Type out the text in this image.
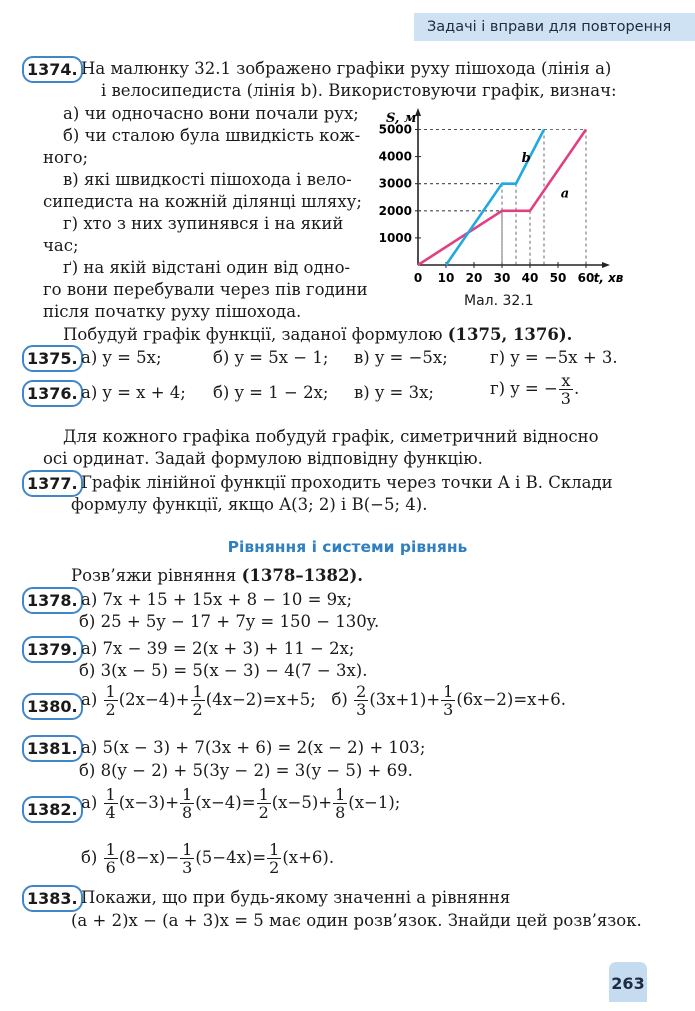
Задачі і вправи для повторення
1374. На малюнку 32.1 зображено графіки руху пішохода (лінія a)
і велосипедиста (лінія b). Використовуючи графік, визнач:
а) чи одночасно вони почали рух;
б) чи сталою була швидкість кож-
ного;
в) які швидкості пішохода і вело-
сипедиста на кожній ділянці шляху;
г) хто з них зупинявся і на який
час;
ґ) на якій відстані один від одно-
го вони перебували через пів години
після початку руху пішохода.
0 10 20 30 40 50 60
1000
2000
3000
4000
5000
S, м
t, хв
b
a
Мал. 32.1
Побудуй графік функції, заданої формулою (1375, 1376).
1375. а) y = 5x;	б) y = 5x − 1; в) y = −5x;	г) y = −5x + 3.
1376. а) y = x + 4; б) y = 1 − 2x; в) y = 3x;	г) y = − $\frac{x}{3}$ .
Для кожного графіка побудуй графік, симетричний відносно
осі ординат. Задай формулою відповідну функцію.
1377. Графік лінійної функції проходить через точки A і B. Склади
формулу функції, якщо A(3; 2) і B(−5; 4).
Рівняння і системи рівнянь
Розв’яжи рівняння (1378–1382).
1378. а) 7x + 15 + 15x + 8 − 10 = 9x;
б) 25 + 5y − 17 + 7y = 150 − 130y.
1379. а) 7x − 39 = 2(x + 3) + 11 − 2x;
б) 3(x − 5) = 5(x − 3) − 4(7 − 3x).
1380. $а) \frac{1}{2} (2x-4)+ \frac{1}{2} (4x-2)=x+5$; $б) \frac{2}{3} (3x+1)+ \frac{1}{3} (6x-2)=x+6$.
1381. а) 5(x − 3) + 7(3x + 6) = 2(x − 2) + 103;
б) 8(y − 2) + 5(3y − 2) = 3(y − 5) + 69.
1382. $а) \frac{1}{4} (x-3)+ \frac{1}{8} (x-4)= \frac{1}{2} (x-5)+ \frac{1}{8} (x-1)$;
$б) \frac{1}{6} (8-x)- \frac{1}{3} (5-4x)= \frac{1}{2} (x+6)$.
1383. Покажи, що при будь-якому значенні a рівняння
(a + 2)x − (a + 3)x = 5 має один розв’язок. Знайди цей розв’язок.
263
